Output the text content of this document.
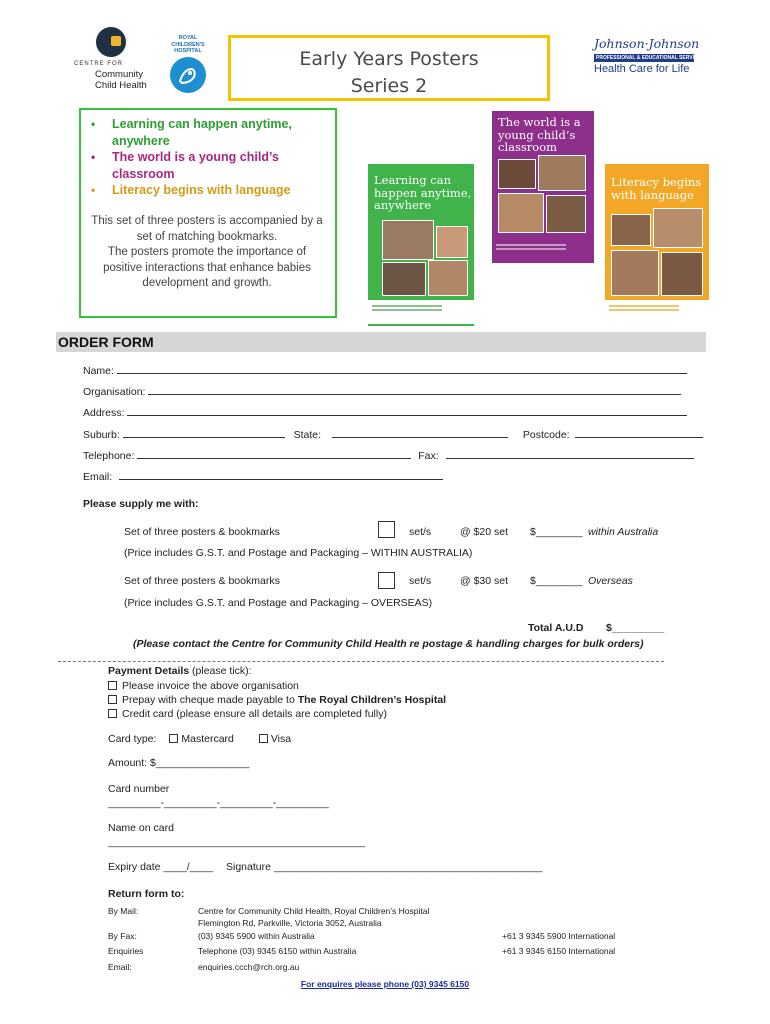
CENTRE FOR
Community
Child Health
ROYAL
CHILDREN'S
HOSPITAL	Early Years Posters
Series 2
Johnson·Johnson
PROFESSIONAL & EDUCATIONAL SERVICES
Health Care for Life
• Learning can happen anytime, anywhere
• The world is a young child’s classroom
• Literacy begins with language
This set of three posters is accompanied by a
set of matching bookmarks.
The posters promote the importance of
positive interactions that enhance babies
development and growth.
The world is a
young child’s
classroom
Learning can
happen anytime,
anywhere
Literacy begins
with language
ORDER FORM
Name:
Organisation:
Address:
Suburb:	State:	Postcode:
Telephone:	Fax:
Email:
Please supply me with:
Set of three posters & bookmarks	set/s	@ $20 set $________ within Australia
(Price includes G.S.T. and Postage and Packaging – WITHIN AUSTRALIA)
Set of three posters & bookmarks	set/s	@ $30 set $________ Overseas
(Price includes G.S.T. and Postage and Packaging – OVERSEAS)
Total A.U.D $_________
(Please contact the Centre for Community Child Health re postage & handling charges for bulk orders)
Payment Details (please tick):
Please invoice the above organisation
Prepay with cheque made payable to The Royal Children’s Hospital
Credit card (please ensure all details are completed fully)
Card type: Mastercard	Visa
Amount: $________________
Card number
_________-_________-_________-_________
Name on card
____________________________________________
Expiry date ____/____ Signature ______________________________________________
Return form to:
By Mail:	Centre for Community Child Health, Royal Children’s Hospital
Flemington Rd, Parkville, Victoria 3052, Australia
By Fax:	(03) 9345 5900 within Australia	+61 3 9345 5900 International
Enquiries	Telephone (03) 9345 6150 within Australia	+61 3 9345 6150 International
Email:	enquiries.ccch@rch.org.au
For enquires please phone (03) 9345 6150
